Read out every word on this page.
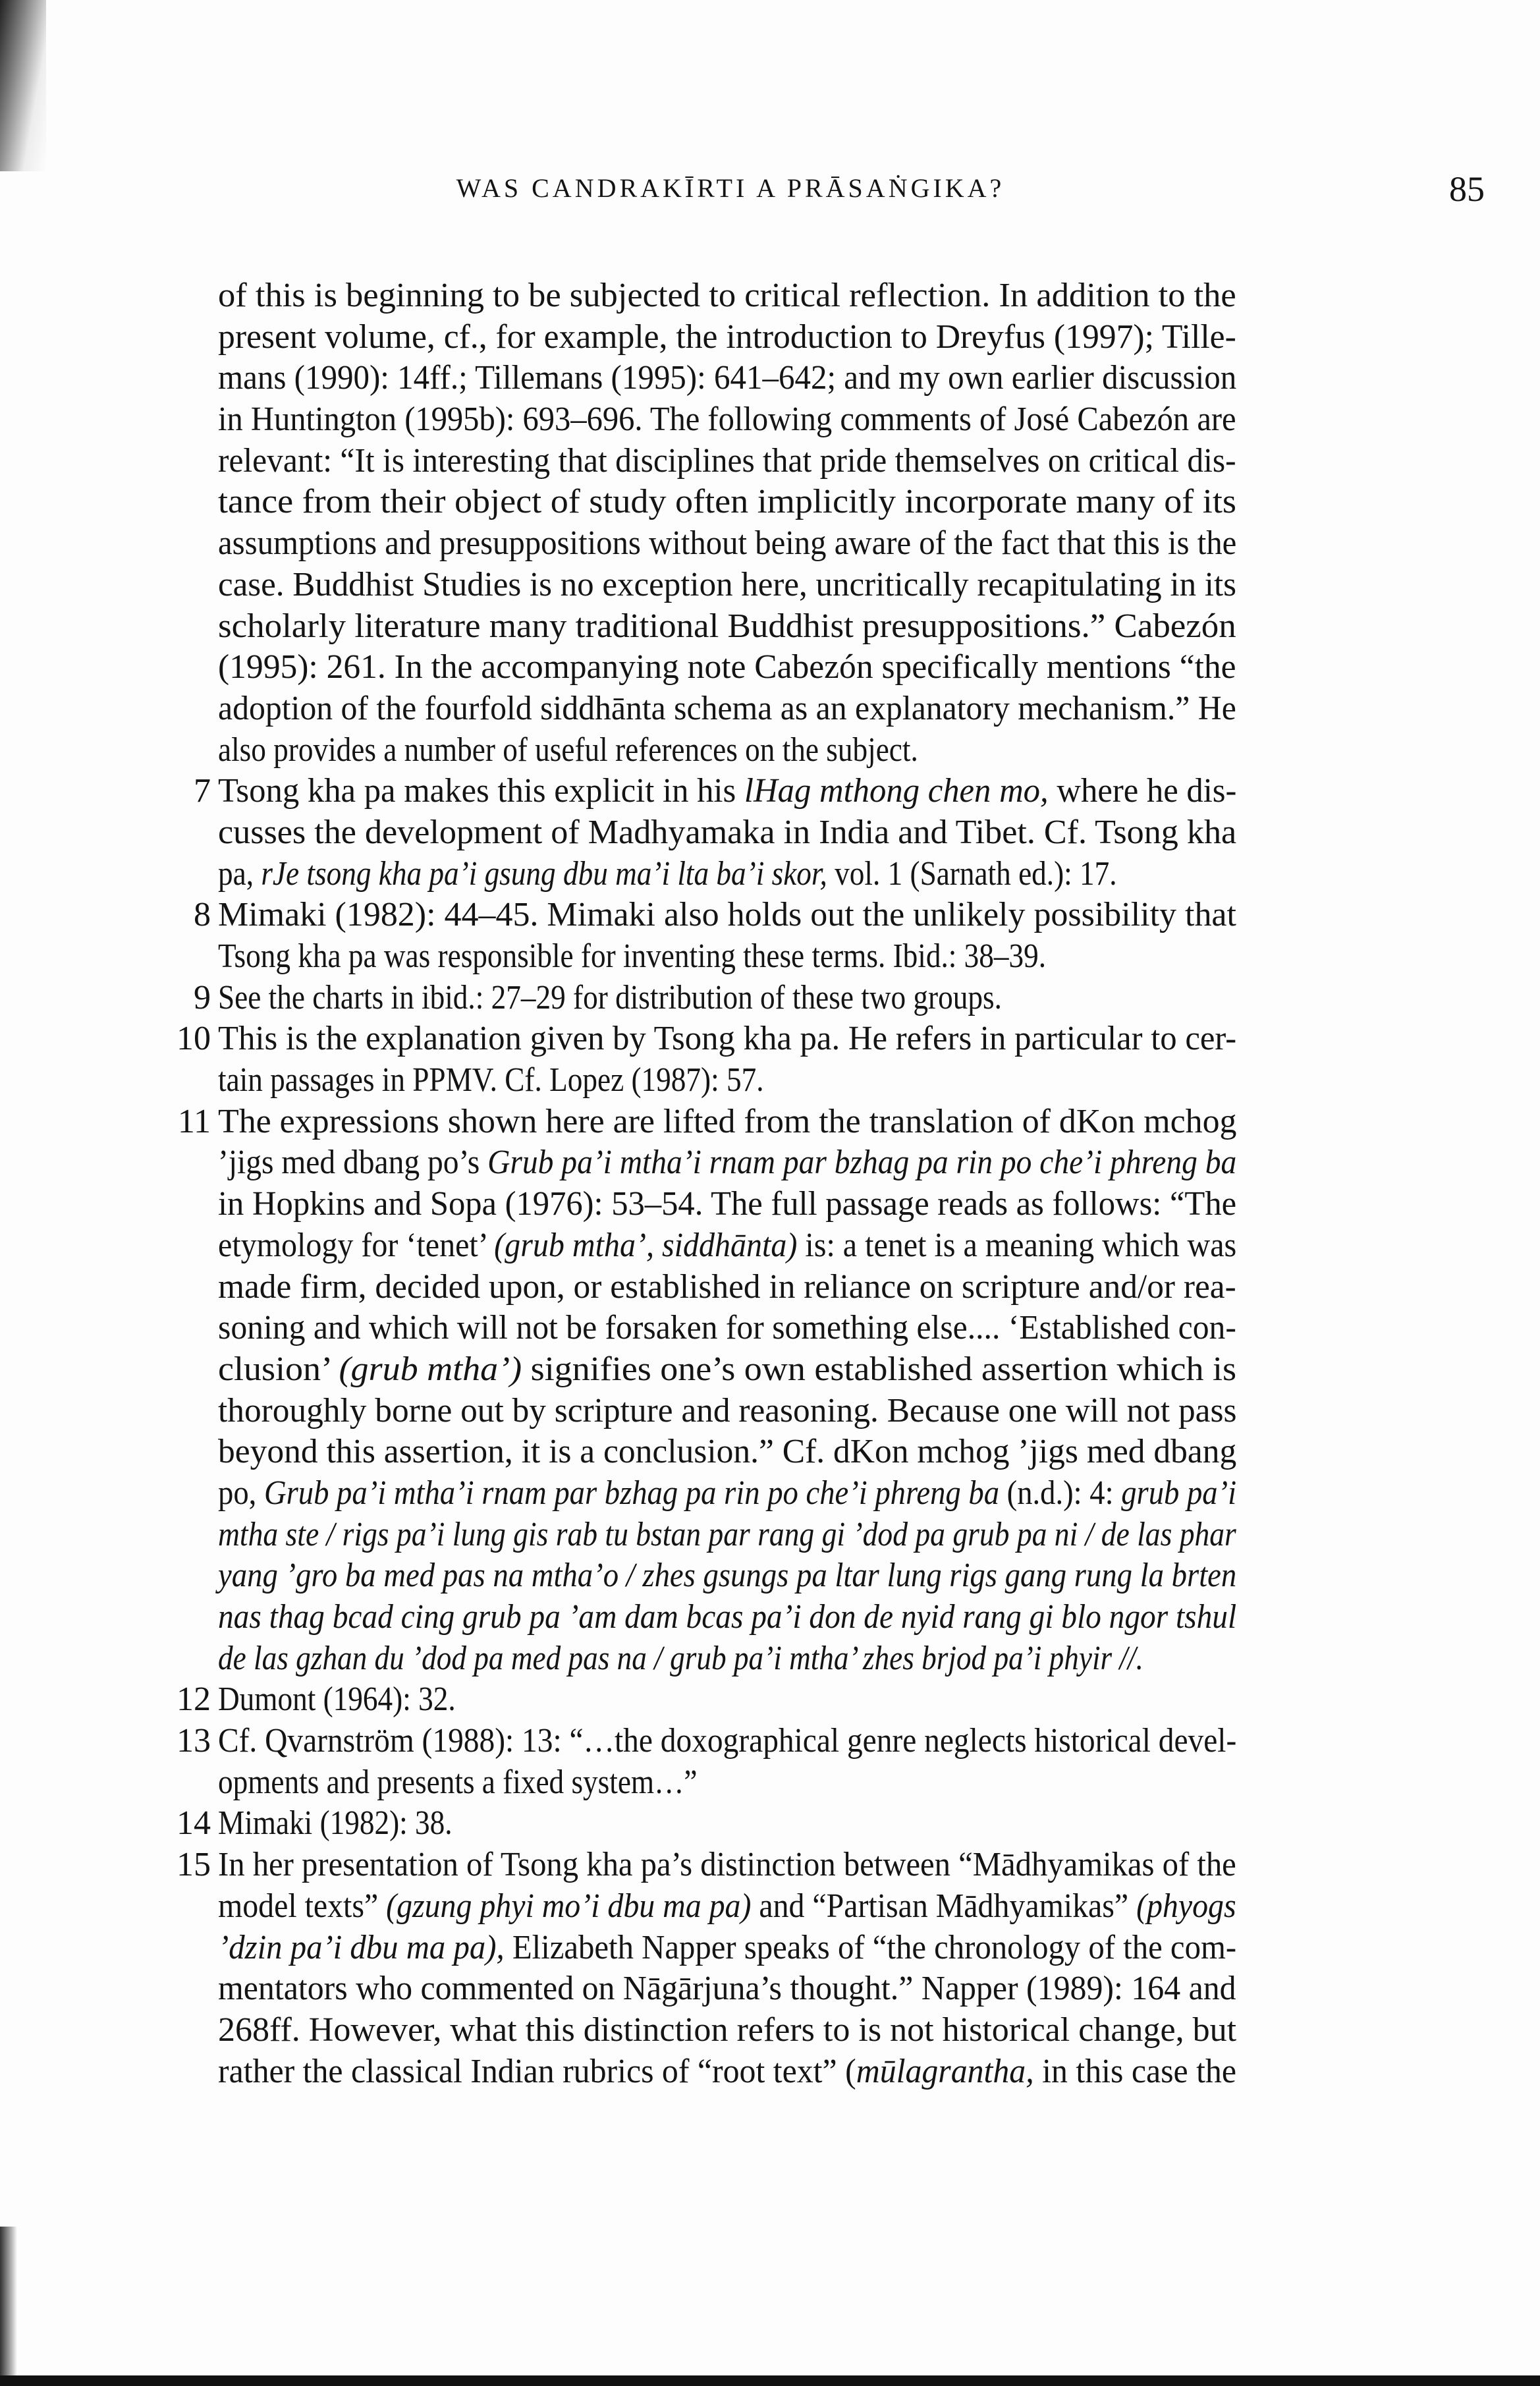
WAS CANDRAKĪRTI A PRĀSAṄGIKA?	85
of this is beginning to be subjected to critical reflection. In addition to the
present volume, cf., for example, the introduction to Dreyfus (1997); Tille-
mans (1990): 14ff.; Tillemans (1995): 641–642; and my own earlier discussion
in Huntington (1995b): 693–696. The following comments of José Cabezón are
relevant: “It is interesting that disciplines that pride themselves on critical dis-
tance from their object of study often implicitly incorporate many of its
assumptions and presuppositions without being aware of the fact that this is the
case. Buddhist Studies is no exception here, uncritically recapitulating in its
scholarly literature many traditional Buddhist presuppositions.” Cabezón
(1995): 261. In the accompanying note Cabezón specifically mentions “the
adoption of the fourfold siddhānta schema as an explanatory mechanism.” He
also provides a number of useful references on the subject.
7 Tsong kha pa makes this explicit in his lHag mthong chen mo, where he dis-
cusses the development of Madhyamaka in India and Tibet. Cf. Tsong kha
pa, rJe tsong kha pa’i gsung dbu ma’i lta ba’i skor, vol. 1 (Sarnath ed.): 17.
8 Mimaki (1982): 44–45. Mimaki also holds out the unlikely possibility that
Tsong kha pa was responsible for inventing these terms. Ibid.: 38–39.
9 See the charts in ibid.: 27–29 for distribution of these two groups.
10 This is the explanation given by Tsong kha pa. He refers in particular to cer-
tain passages in PPMV. Cf. Lopez (1987): 57.
11 The expressions shown here are lifted from the translation of dKon mchog
’jigs med dbang po’s Grub pa’i mtha’i rnam par bzhag pa rin po che’i phreng ba
in Hopkins and Sopa (1976): 53–54. The full passage reads as follows: “The
etymology for ‘tenet’ (grub mtha’, siddhānta) is: a tenet is a meaning which was
made firm, decided upon, or established in reliance on scripture and/or rea-
soning and which will not be forsaken for something else.... ‘Established con-
clusion’ (grub mtha’) signifies one’s own established assertion which is
thoroughly borne out by scripture and reasoning. Because one will not pass
beyond this assertion, it is a conclusion.” Cf. dKon mchog ’jigs med dbang
po, Grub pa’i mtha’i rnam par bzhag pa rin po che’i phreng ba (n.d.): 4: grub pa’i
mtha ste / rigs pa’i lung gis rab tu bstan par rang gi ’dod pa grub pa ni / de las phar
yang ’gro ba med pas na mtha’o / zhes gsungs pa ltar lung rigs gang rung la brten
nas thag bcad cing grub pa ’am dam bcas pa’i don de nyid rang gi blo ngor tshul
de las gzhan du ’dod pa med pas na / grub pa’i mtha’ zhes brjod pa’i phyir //.
12 Dumont (1964): 32.
13 Cf. Qvarnström (1988): 13: “…the doxographical genre neglects historical devel-
opments and presents a fixed system…”
14 Mimaki (1982): 38.
15 In her presentation of Tsong kha pa’s distinction between “Mādhyamikas of the
model texts” (gzung phyi mo’i dbu ma pa) and “Partisan Mādhyamikas” (phyogs
’dzin pa’i dbu ma pa), Elizabeth Napper speaks of “the chronology of the com-
mentators who commented on Nāgārjuna’s thought.” Napper (1989): 164 and
268ff. However, what this distinction refers to is not historical change, but
rather the classical Indian rubrics of “root text” (mūlagrantha, in this case the
